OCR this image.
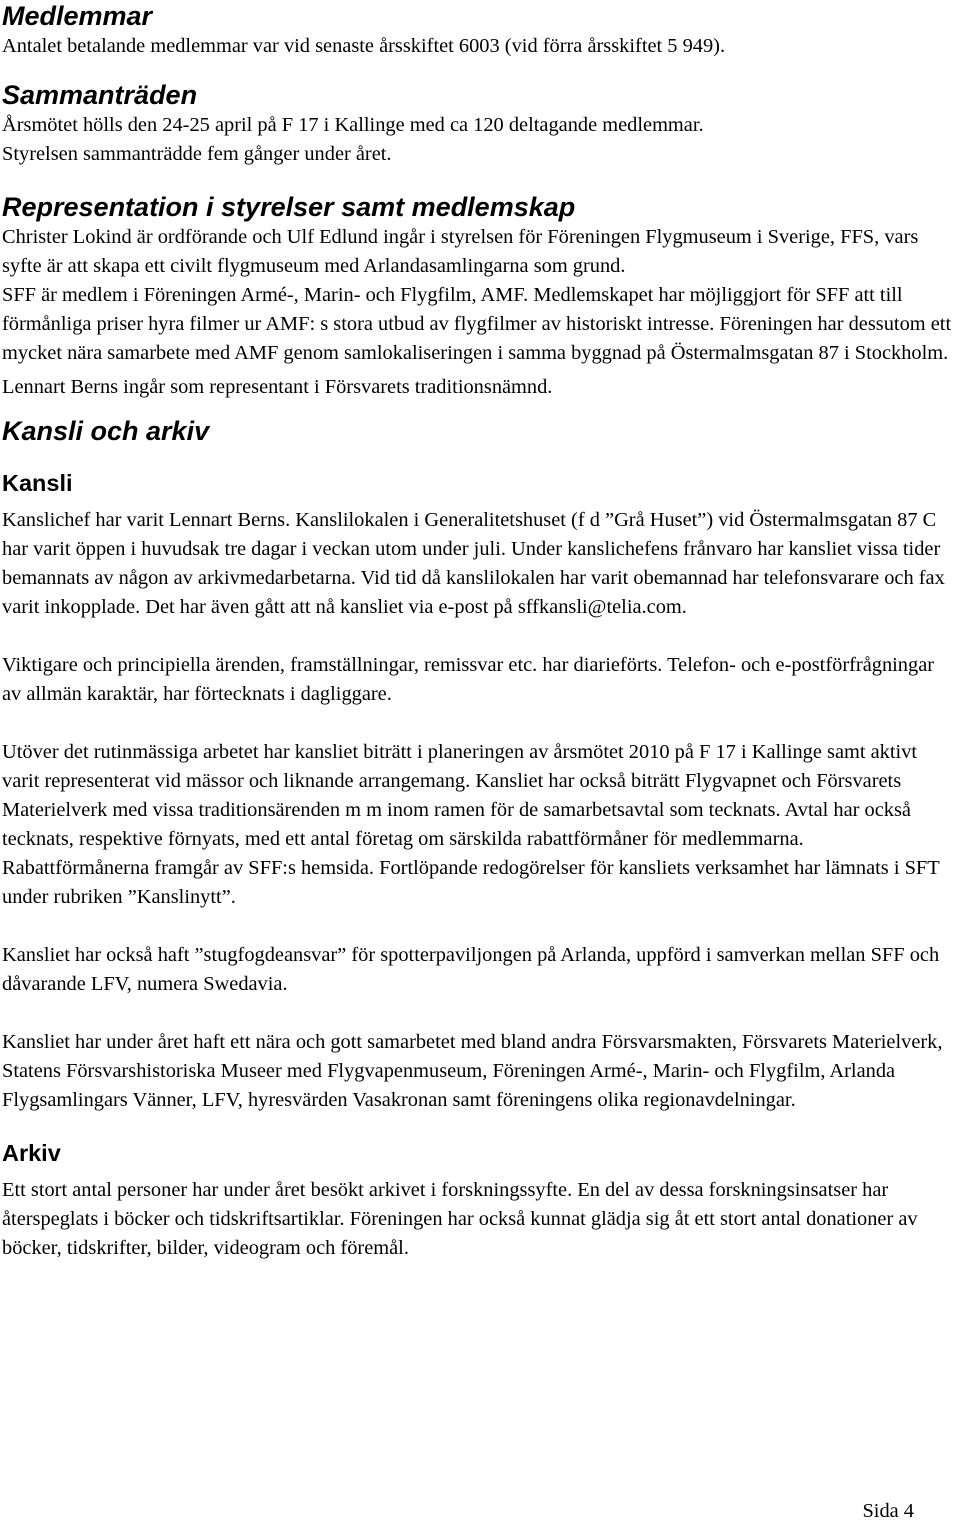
Medlemmar

Antalet betalande medlemmar var vid senaste årsskiftet 6003 (vid förra årsskiftet 5 949).

Sammanträden

Årsmötet hölls den 24-25 april på F 17 i Kallinge med ca 120 deltagande medlemmar.

Styrelsen sammanträdde fem gånger under året.

Representation i styrelser samt medlemskap

Christer Lokind är ordförande och Ulf Edlund ingår i styrelsen för Föreningen Flygmuseum i Sverige, FFS, vars syfte är att skapa ett civilt flygmuseum med Arlandasamlingarna som grund.

SFF är medlem i Föreningen Armé-, Marin- och Flygfilm, AMF. Medlemskapet har möjliggjort för SFF att till förmånliga priser hyra filmer ur AMF: s stora utbud av flygfilmer av historiskt intresse. Föreningen har dessutom ett mycket nära samarbete med AMF genom samlokaliseringen i samma byggnad på Östermalmsgatan 87 i Stockholm.

Lennart Berns ingår som representant i Försvarets traditionsnämnd.

Kansli och arkiv
Kansli

Kanslichef har varit Lennart Berns. Kanslilokalen i Generalitetshuset (f d ”Grå Huset”) vid Östermalmsgatan 87 C har varit öppen i huvudsak tre dagar i veckan utom under juli. Under kanslichefens frånvaro har kansliet vissa tider bemannats av någon av arkivmedarbetarna. Vid tid då kanslilokalen har varit obemannad har telefonsvarare och fax varit inkopplade. Det har även gått att nå kansliet via e-post på sffkansli@telia.com.

Viktigare och principiella ärenden, framställningar, remissvar etc. har diarieförts. Telefon- och e-postförfrågningar av allmän karaktär, har förtecknats i dagliggare.

Utöver det rutinmässiga arbetet har kansliet biträtt i planeringen av årsmötet 2010 på F 17 i Kallinge samt aktivt varit representerat vid mässor och liknande arrangemang. Kansliet har också biträtt Flygvapnet och Försvarets Materielverk med vissa traditionsärenden m m inom ramen för de samarbetsavtal som tecknats. Avtal har också tecknats, respektive förnyats, med ett antal företag om särskilda rabattförmåner för medlemmarna. Rabattförmånerna framgår av SFF:s hemsida. Fortlöpande redogörelser för kansliets verksamhet har lämnats i SFT under rubriken ”Kanslinytt”.

Kansliet har också haft ”stugfogdeansvar” för spotterpaviljongen på Arlanda, uppförd i samverkan mellan SFF och dåvarande LFV, numera Swedavia.

Kansliet har under året haft ett nära och gott samarbetet med bland andra Försvarsmakten, Försvarets Materielverk, Statens Försvarshistoriska Museer med Flygvapenmuseum, Föreningen Armé-, Marin- och Flygfilm, Arlanda Flygsamlingars Vänner, LFV, hyresvärden Vasakronan samt föreningens olika regionavdelningar.

Arkiv

Ett stort antal personer har under året besökt arkivet i forskningssyfte. En del av dessa forskningsinsatser har återspeglats i böcker och tidskriftsartiklar. Föreningen har också kunnat glädja sig åt ett stort antal donationer av böcker, tidskrifter, bilder, videogram och föremål.

Sida 4
